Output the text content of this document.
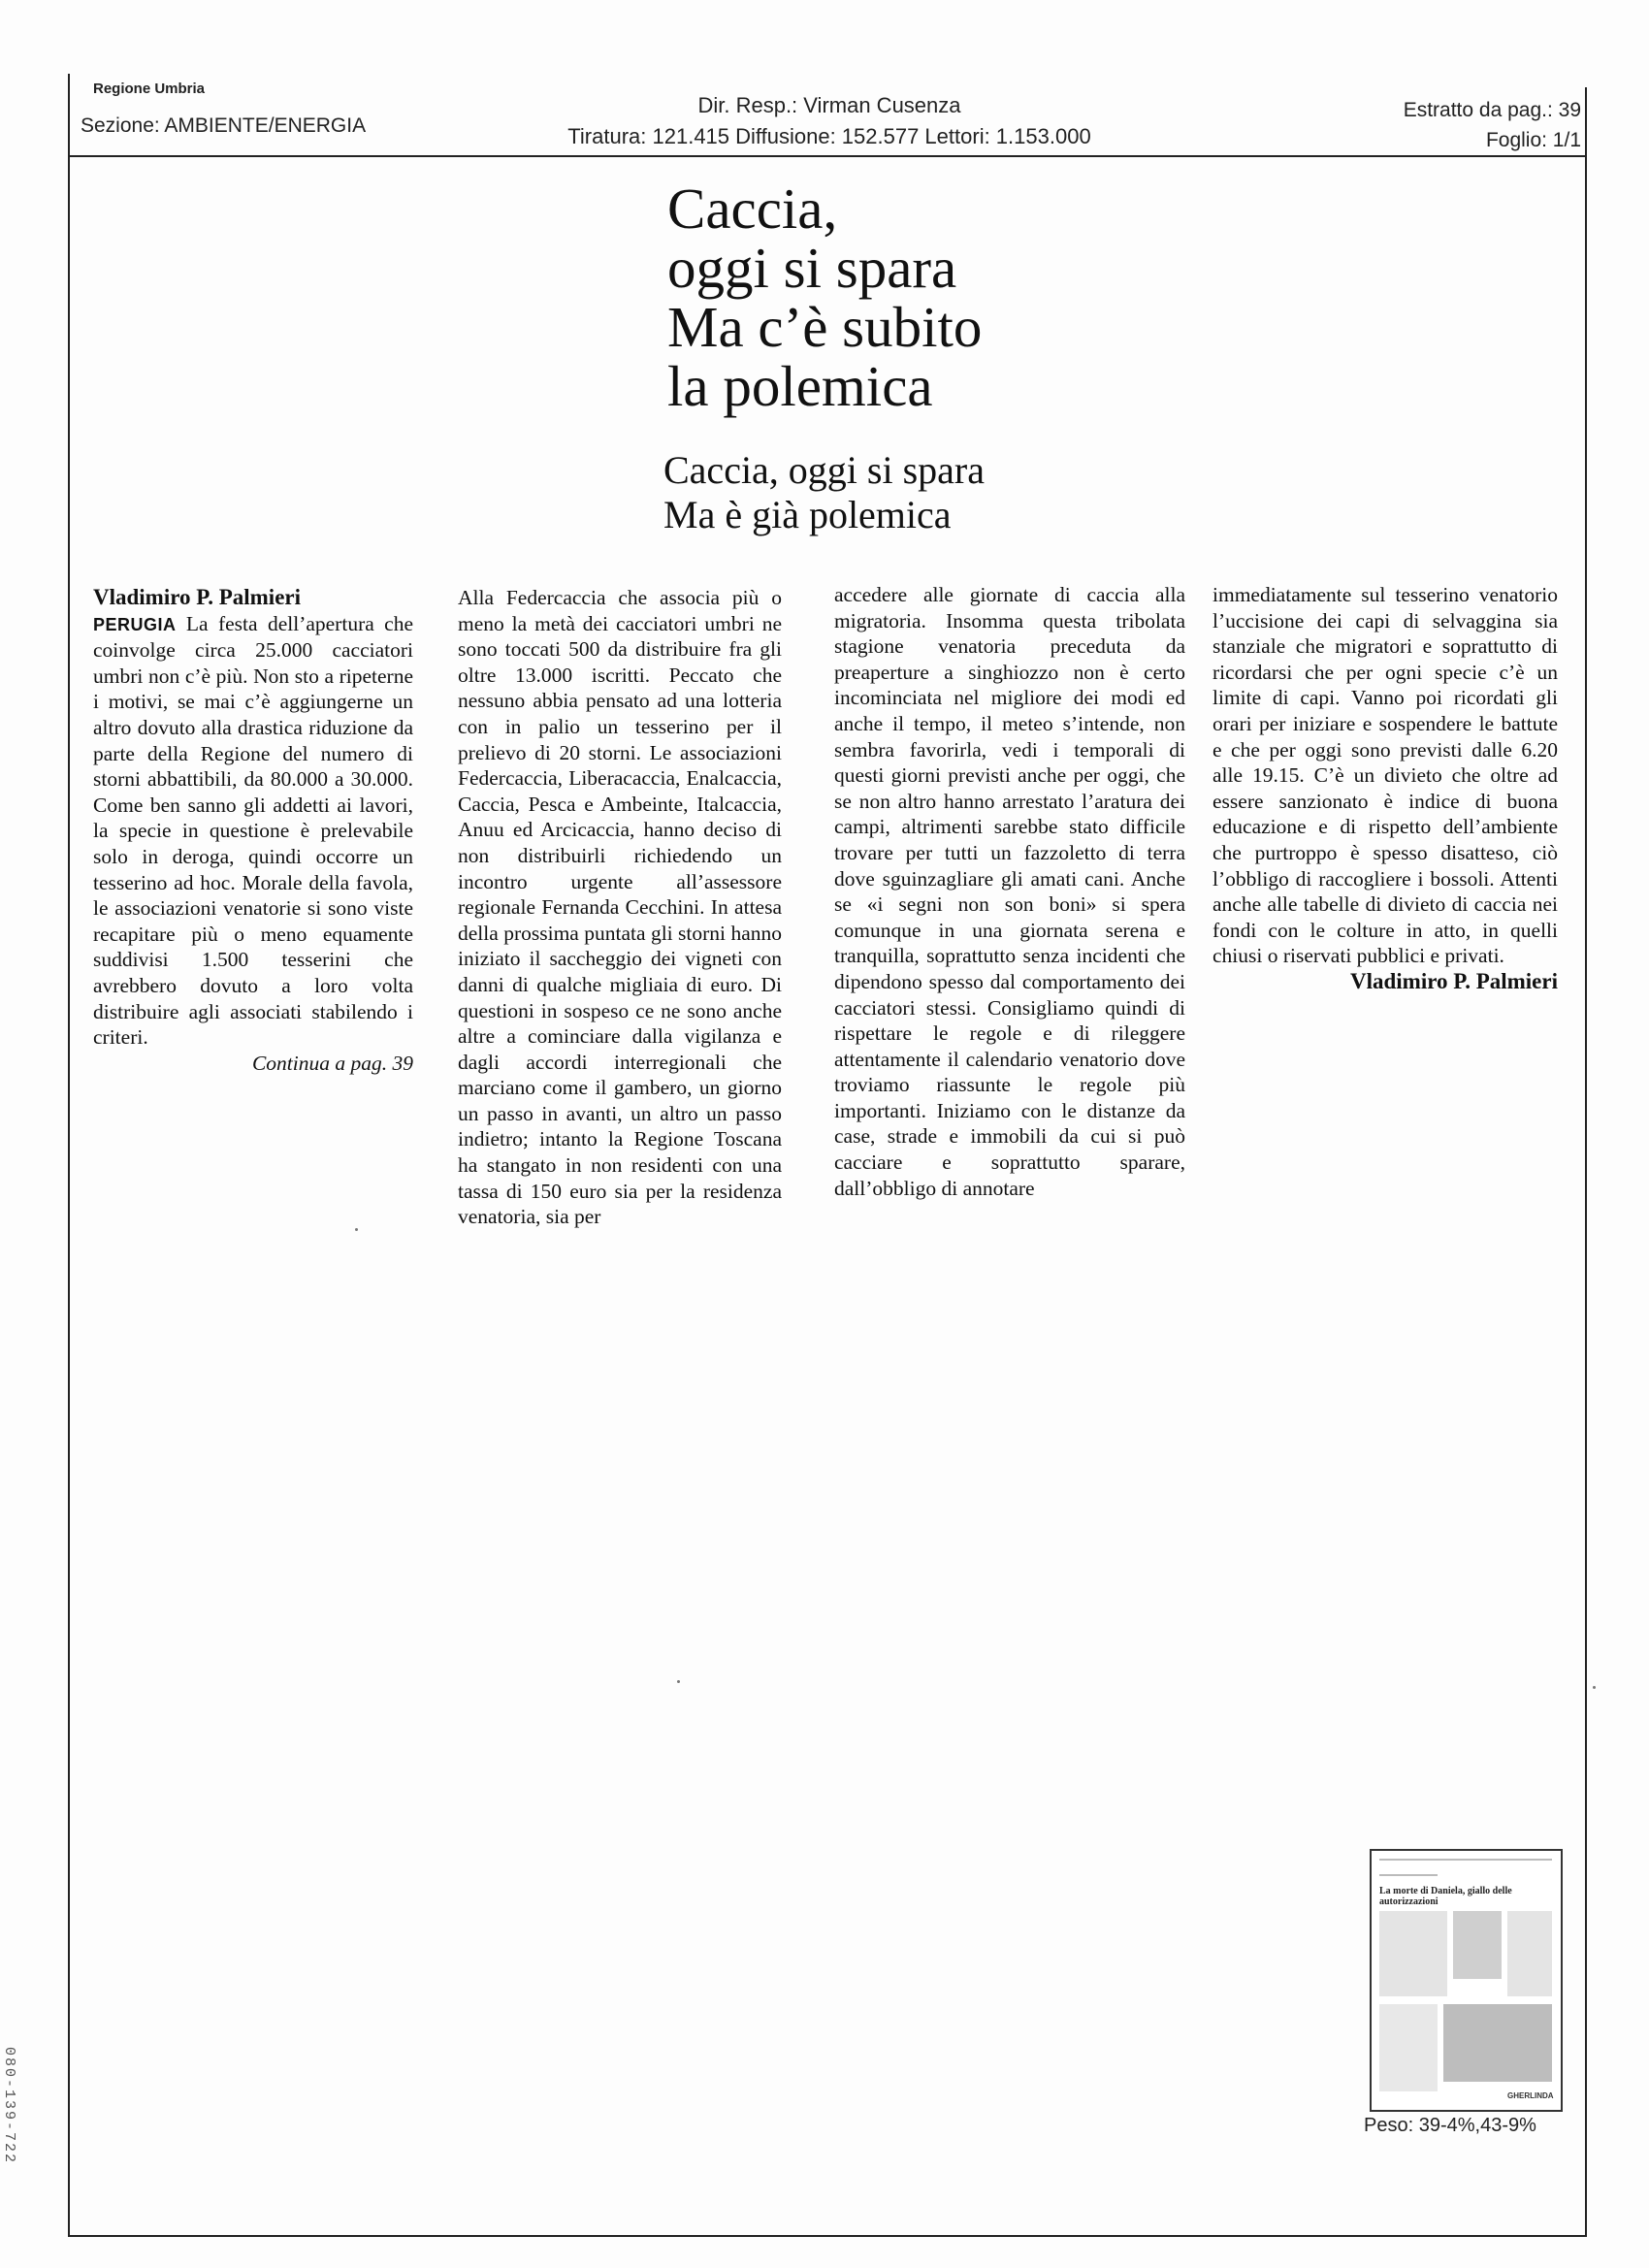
Regione Umbria
Sezione: AMBIENTE/ENERGIA
Dir. Resp.: Virman Cusenza
Tiratura: 121.415 Diffusione: 152.577 Lettori: 1.153.000
Estratto da pag.: 39
Foglio: 1/1
Caccia,
oggi si spara
Ma c’è subito
la polemica
Caccia, oggi si spara
Ma è già polemica

Vladimiro P. Palmieri

PERUGIA La festa dell’apertura che coinvolge circa 25.000 cacciatori umbri non c’è più. Non sto a ripeterne i motivi, se mai c’è aggiungerne un altro dovuto alla drastica riduzione da parte della Regione del numero di storni abbattibili, da 80.000 a 30.000. Come ben sanno gli addetti ai lavori, la specie in questione è prelevabile solo in deroga, quindi occorre un tesserino ad hoc. Morale della favola, le associazioni venatorie si sono viste recapitare più o meno equamente suddivisi 1.500 tesserini che avrebbero dovuto a loro volta distribuire agli associati stabilendo i criteri.

Continua a pag. 39

Alla Federcaccia che associa più o meno la metà dei cacciatori umbri ne sono toccati 500 da distribuire fra gli oltre 13.000 iscritti. Peccato che nessuno abbia pensato ad una lotteria con in palio un tesserino per il prelievo di 20 storni. Le associazioni Federcaccia, Liberacaccia, Enalcaccia, Caccia, Pesca e Ambeinte, Italcaccia, Anuu ed Arcicaccia, hanno deciso di non distribuirli richiedendo un incontro urgente all’assessore regionale Fernanda Cecchini. In attesa della prossima puntata gli storni hanno iniziato il saccheggio dei vigneti con danni di qualche migliaia di euro. Di questioni in sospeso ce ne sono anche altre a cominciare dalla vigilanza e dagli accordi interregionali che marciano come il gambero, un giorno un passo in avanti, un altro un passo indietro; intanto la Regione Toscana ha stangato in non residenti con una tassa di 150 euro sia per la residenza venatoria, sia per

accedere alle giornate di caccia alla migratoria. Insomma questa tribolata stagione venatoria preceduta da preaperture a singhiozzo non è certo incominciata nel migliore dei modi ed anche il tempo, il meteo s’intende, non sembra favorirla, vedi i temporali di questi giorni previsti anche per oggi, che se non altro hanno arrestato l’aratura dei campi, altrimenti sarebbe stato difficile trovare per tutti un fazzoletto di terra dove sguinzagliare gli amati cani. Anche se «i segni non son boni» si spera comunque in una giornata serena e tranquilla, soprattutto senza incidenti che dipendono spesso dal comportamento dei cacciatori stessi. Consigliamo quindi di rispettare le regole e di rileggere attentamente il calendario venatorio dove troviamo riassunte le regole più importanti. Iniziamo con le distanze da case, strade e immobili da cui si può cacciare e soprattutto sparare, dall’obbligo di annotare

immediatamente sul tesserino venatorio l’uccisione dei capi di selvaggina sia stanziale che migratori e soprattutto di ricordarsi che per ogni specie c’è un limite di capi. Vanno poi ricordati gli orari per iniziare e sospendere le battute e che per oggi sono previsti dalle 6.20 alle 19.15. C’è un divieto che oltre ad essere sanzionato è indice di buona educazione e di rispetto dell’ambiente che purtroppo è spesso disatteso, ciò l’obbligo di raccogliere i bossoli. Attenti anche alle tabelle di divieto di caccia nei fondi con le colture in atto, in quelli chiusi o riservati pubblici e privati.

Vladimiro P. Palmieri

La morte di Daniela, giallo delle autorizzazioni
GHERLINDA
Peso: 39-4%,43-9%
080-139-722
